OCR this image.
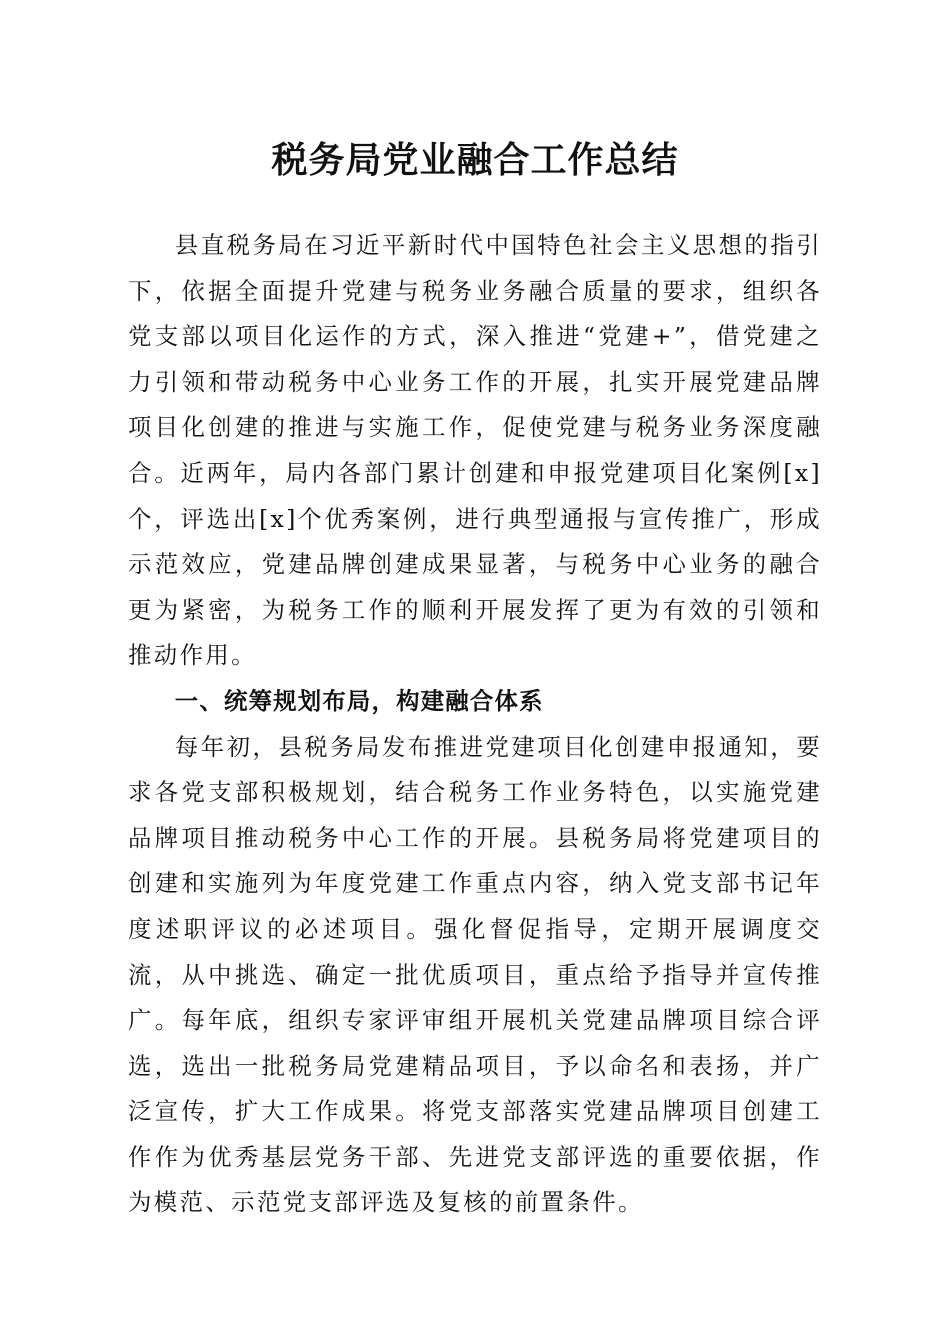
税务局党业融合工作总结

县直税务局在习近平新时代中国特色社会主义思想的指引下，依据全面提升党建与税务业务融合质量的要求，组织各党支部以项目化运作的方式，深入推进“党建+”，借党建之力引领和带动税务中心业务工作的开展，扎实开展党建品牌项目化创建的推进与实施工作，促使党建与税务业务深度融合。近两年，局内各部门累计创建和申报党建项目化案例[x]个，评选出[x]个优秀案例，进行典型通报与宣传推广，形成示范效应，党建品牌创建成果显著，与税务中心业务的融合更为紧密，为税务工作的顺利开展发挥了更为有效的引领和推动作用。

一、统筹规划布局，构建融合体系

每年初，县税务局发布推进党建项目化创建申报通知，要求各党支部积极规划，结合税务工作业务特色，以实施党建品牌项目推动税务中心工作的开展。县税务局将党建项目的创建和实施列为年度党建工作重点内容，纳入党支部书记年度述职评议的必述项目。强化督促指导，定期开展调度交流，从中挑选、确定一批优质项目，重点给予指导并宣传推广。每年底，组织专家评审组开展机关党建品牌项目综合评选，选出一批税务局党建精品项目，予以命名和表扬，并广泛宣传，扩大工作成果。将党支部落实党建品牌项目创建工作作为优秀基层党务干部、先进党支部评选的重要依据，作为模范、示范党支部评选及复核的前置条件。
